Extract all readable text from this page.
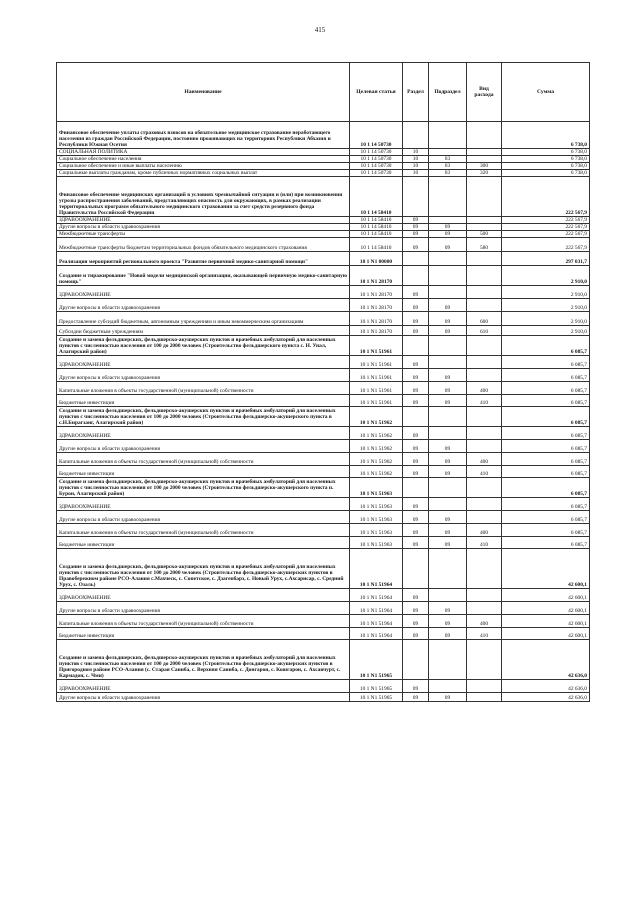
415
Наименование	Целевая статья	Раздел	Подраздел	Вид расхода	Сумма
Финансовое обеспечение уплаты страховых взносов на обязательное медицинское страхование неработающего населения из граждан Российской Федерации, постоянно проживающих на территориях Республики Абхазия и Республики Южная Осетия	10 1 14 50730				6 738,0
СОЦИАЛЬНАЯ ПОЛИТИКА	10 1 14 50730	10			6 738,0
Социальное обеспечение населения	10 1 14 50730	10	03		6 738,0
Социальное обеспечение и иные выплаты населению	10 1 14 50730	10	03	300	6 738,0
Социальные выплаты гражданам, кроме публичных нормативных социальных выплат	10 1 14 50730	10	03	320	6 738,0
Финансовое обеспечение медицинских организаций в условиях чрезвычайной ситуации и (или) при возникновении угрозы распространения заболеваний, представляющих опасность для окружающих, в рамках реализации территориальных программ обязательного медицинского страхования за счет средств резервного фонда Правительства Российской Федерации	10 1 14 58410				222 567,9
ЗДРАВООХРАНЕНИЕ	10 1 14 58410	09			222 567,9
Другие вопросы в области здравоохранения	10 1 14 58410	09	09		222 567,9
Межбюджетные трансферты	10 1 14 58410	09	09	500	222 567,9
Межбюджетные трансферты бюджетам территориальных фондов обязательного медицинского страхования	10 1 14 58410	09	09	580	222 567,9
Реализация мероприятий регионального проекта "Развитие первичной медико-санитарной помощи"	10 1 N1 00000				297 031,7
Создание и тиражирование "Новой модели медицинской организации, оказывающей первичную медико-санитарную помощь"	10 1 N1 28170				2 910,0
ЗДРАВООХРАНЕНИЕ	10 1 N1 28170	09			2 910,0
Другие вопросы в области здравоохранения	10 1 N1 28170	09	09		2 910,0
Предоставление субсидий бюджетным, автономным учреждениям и иным некоммерческим организациям	10 1 N1 28170	09	09	600	2 910,0
Субсидии бюджетным учреждениям	10 1 N1 28170	09	09	610	2 910,0
Создание и замена фельдшерских, фельдшерско-акушерских пунктов и врачебных амбулаторий для населенных пунктов с численностью населения от 100 до 2000 человек (Строительство фельдшерского пункта с. Н. Унал, Алагирский район)	10 1 N1 51961				6 085,7
ЗДРАВООХРАНЕНИЕ	10 1 N1 51961	09			6 085,7
Другие вопросы в области здравоохранения	10 1 N1 51961	09	09		6 085,7
Капитальные вложения в объекты государственной (муниципальной) собственности	10 1 N1 51961	09	09	400	6 085,7
Бюджетные инвестиции	10 1 N1 51961	09	09	410	6 085,7
Создание и замена фельдшерских, фельдшерско-акушерских пунктов и врачебных амбулаторий для населенных пунктов с численностью населения от 100 до 2000 человек (Строительство фельдшерско-акушерского пункта в с.Н.Бирагзанг, Алагирский район)	10 1 N1 51962				6 085,7
ЗДРАВООХРАНЕНИЕ	10 1 N1 51962	09			6 085,7
Другие вопросы в области здравоохранения	10 1 N1 51962	09	09		6 085,7
Капитальные вложения в объекты государственной (муниципальной) собственности	10 1 N1 51962	09	09	400	6 085,7
Бюджетные инвестиции	10 1 N1 51962	09	09	410	6 085,7
Создание и замена фельдшерских, фельдшерско-акушерских пунктов и врачебных амбулаторий для населенных пунктов с численностью населения от 100 до 2000 человек (Строительство фельдшерско-акушерского пункта п. Бурон, Алагирский район)	10 1 N1 51963				6 085,7
ЗДРАВООХРАНЕНИЕ	10 1 N1 51963	09			6 085,7
Другие вопросы в области здравоохранения	10 1 N1 51963	09	09		6 085,7
Капитальные вложения в объекты государственной (муниципальной) собственности	10 1 N1 51963	09	09	400	6 085,7
Бюджетные инвестиции	10 1 N1 51963	09	09	410	6 085,7
Создание и замена фельдшерских, фельдшерско-акушерских пунктов и врачебных амбулаторий для населенных пунктов с численностью населения от 100 до 2000 человек (Строительство фельдшерско-акушерских пунктов в Правобережном районе РСО-Алания с.Махческ, с. Сопетское, с. Дзагепбарз, с. Новый Урух, с.Ахсарисар, с. Средний Урух, с. Озаль)	10 1 N1 51964				42 600,1
ЗДРАВООХРАНЕНИЕ	10 1 N1 51964	09			42 600,1
Другие вопросы в области здравоохранения	10 1 N1 51964	09	09		42 600,1
Капитальные вложения в объекты государственной (муниципальной) собственности	10 1 N1 51964	09	09	400	42 600,1
Бюджетные инвестиции	10 1 N1 51964	09	09	410	42 600,1
Создание и замена фельдшерских, фельдшерско-акушерских пунктов и врачебных амбулаторий для населенных пунктов с численностью населения от 100 до 2000 человек (Строительство фельдшерско-акушерских пунктов в Пригородном районе РСО-Алания (с. Старая Саниба, с. Верхняя Саниба, с. Донгарон, с. Кошгарон, с. Ахсавчурт, с. Кармадон, с. Чми)	10 1 N1 51965				42 636,0
ЗДРАВООХРАНЕНИЕ	10 1 N1 51965	09			42 636,0
Другие вопросы в области здравоохранения	10 1 N1 51965	09	09		42 636,0
